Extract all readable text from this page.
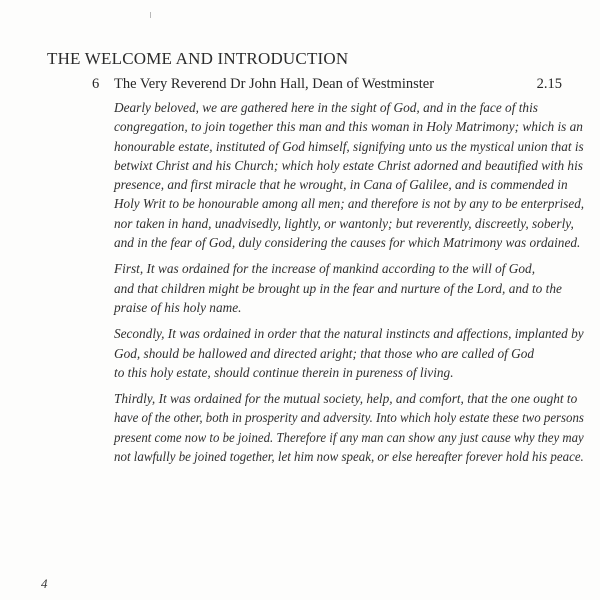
THE WELCOME AND INTRODUCTION
6 The Very Reverend Dr John Hall, Dean of Westminster	2.15

Dearly beloved, we are gathered here in the sight of God, and in the face of this
congregation, to join together this man and this woman in Holy Matrimony; which is an
honourable estate, instituted of God himself, signifying unto us the mystical union that is
betwixt Christ and his Church; which holy estate Christ adorned and beautified with his
presence, and first miracle that he wrought, in Cana of Galilee, and is commended in
Holy Writ to be honourable among all men; and therefore is not by any to be enterprised,
nor taken in hand, unadvisedly, lightly, or wantonly; but reverently, discreetly, soberly,
and in the fear of God, duly considering the causes for which Matrimony was ordained.

First, It was ordained for the increase of mankind according to the will of God,
and that children might be brought up in the fear and nurture of the Lord, and to the
praise of his holy name.

Secondly, It was ordained in order that the natural instincts and affections, implanted by
God, should be hallowed and directed aright; that those who are called of God
to this holy estate, should continue therein in pureness of living.

Thirdly, It was ordained for the mutual society, help, and comfort, that the one ought to
have of the other, both in prosperity and adversity. Into which holy estate these two persons
present come now to be joined. Therefore if any man can show any just cause why they may
not lawfully be joined together, let him now speak, or else hereafter forever hold his peace.

4
